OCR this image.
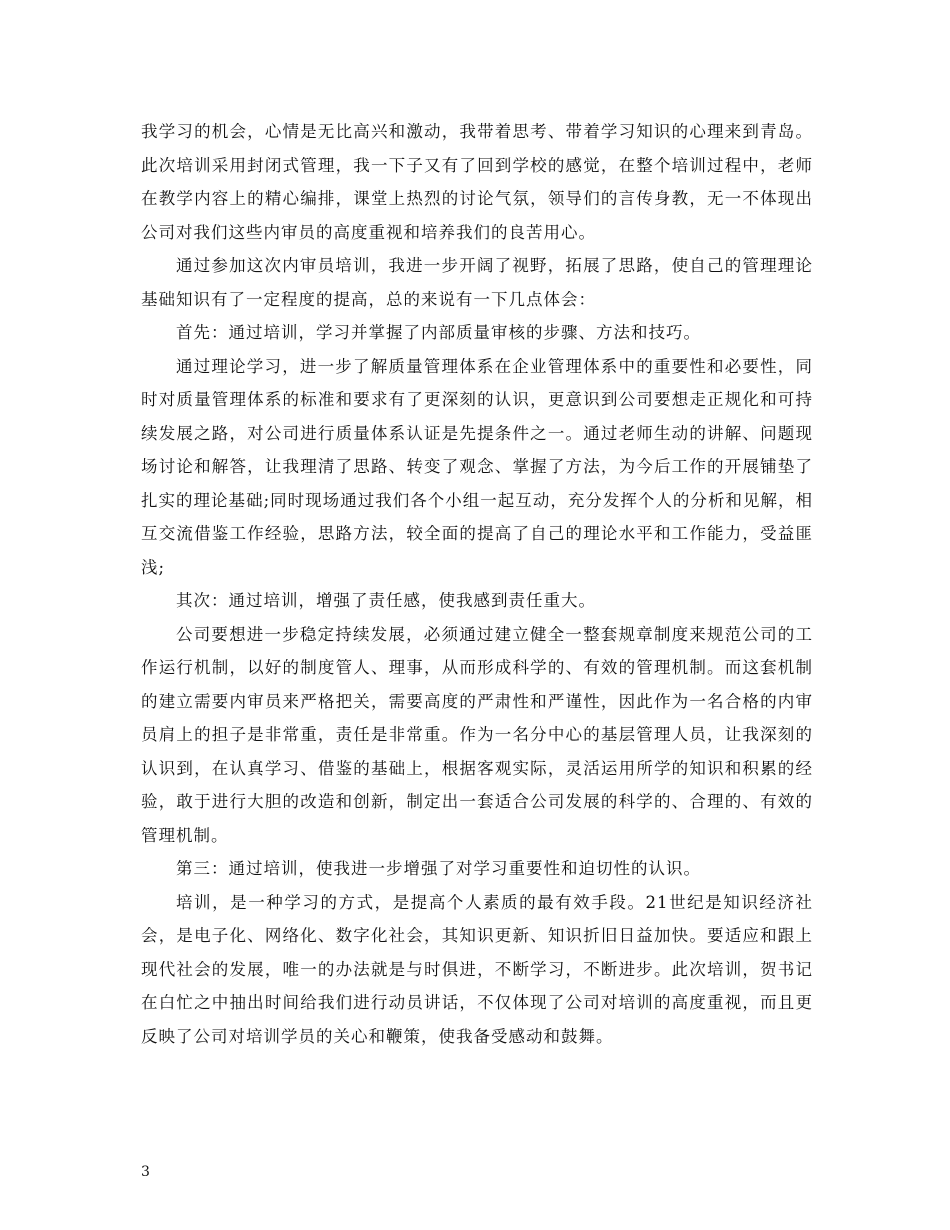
我学习的机会，心情是无比高兴和激动，我带着思考、带着学习知识的心理来到青岛。此次培训采用封闭式管理，我一下子又有了回到学校的感觉，在整个培训过程中，老师在教学内容上的精心编排，课堂上热烈的讨论气氛，领导们的言传身教，无一不体现出公司对我们这些内审员的高度重视和培养我们的良苦用心。

通过参加这次内审员培训，我进一步开阔了视野，拓展了思路，使自己的管理理论基础知识有了一定程度的提高，总的来说有一下几点体会：

首先：通过培训，学习并掌握了内部质量审核的步骤、方法和技巧。

通过理论学习，进一步了解质量管理体系在企业管理体系中的重要性和必要性，同时对质量管理体系的标准和要求有了更深刻的认识，更意识到公司要想走正规化和可持续发展之路，对公司进行质量体系认证是先提条件之一。通过老师生动的讲解、问题现场讨论和解答，让我理清了思路、转变了观念、掌握了方法，为今后工作的开展铺垫了扎实的理论基础;同时现场通过我们各个小组一起互动，充分发挥个人的分析和见解，相互交流借鉴工作经验，思路方法，较全面的提高了自己的理论水平和工作能力，受益匪浅;

其次：通过培训，增强了责任感，使我感到责任重大。

公司要想进一步稳定持续发展，必须通过建立健全一整套规章制度来规范公司的工作运行机制，以好的制度管人、理事，从而形成科学的、有效的管理机制。而这套机制的建立需要内审员来严格把关，需要高度的严肃性和严谨性，因此作为一名合格的内审员肩上的担子是非常重，责任是非常重。作为一名分中心的基层管理人员，让我深刻的认识到，在认真学习、借鉴的基础上，根据客观实际，灵活运用所学的知识和积累的经验，敢于进行大胆的改造和创新，制定出一套适合公司发展的科学的、合理的、有效的管理机制。

第三：通过培训，使我进一步增强了对学习重要性和迫切性的认识。

培训，是一种学习的方式，是提高个人素质的最有效手段。21世纪是知识经济社会，是电子化、网络化、数字化社会，其知识更新、知识折旧日益加快。要适应和跟上现代社会的发展，唯一的办法就是与时俱进，不断学习，不断进步。此次培训，贺书记在白忙之中抽出时间给我们进行动员讲话，不仅体现了公司对培训的高度重视，而且更反映了公司对培训学员的关心和鞭策，使我备受感动和鼓舞。

3
